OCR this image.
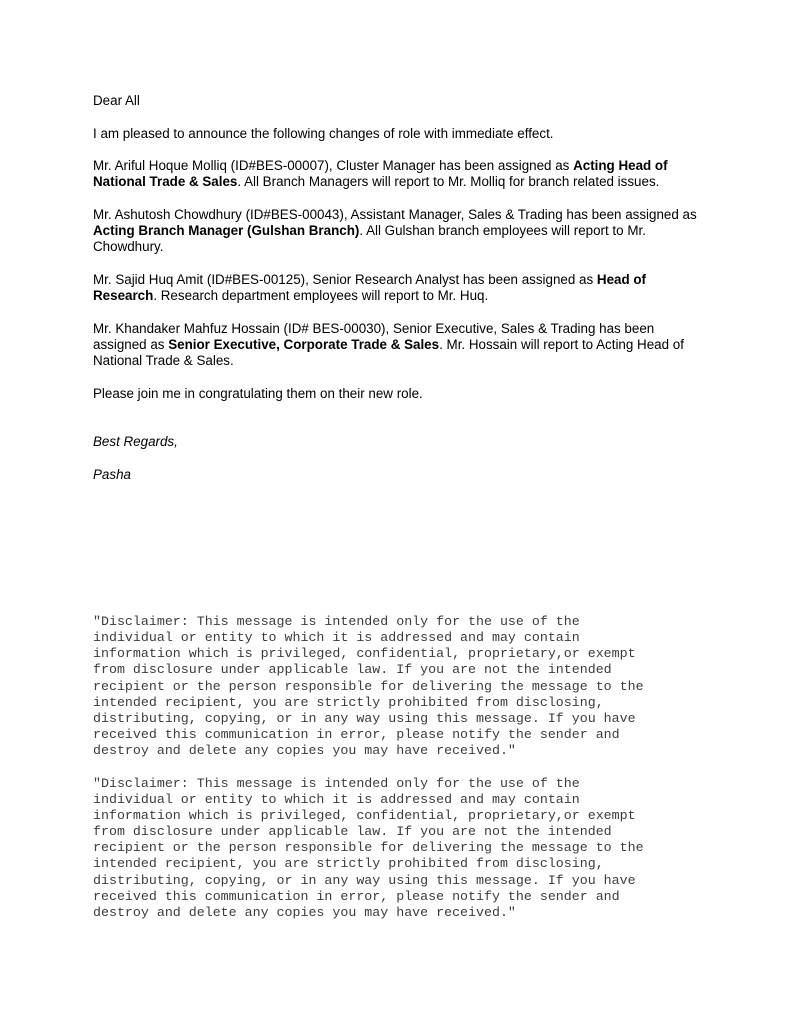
Dear All

I am pleased to announce the following changes of role with immediate effect.

Mr. Ariful Hoque Molliq (ID#BES-00007), Cluster Manager has been assigned as Acting Head of National Trade & Sales. All Branch Managers will report to Mr. Molliq for branch related issues.

Mr. Ashutosh Chowdhury (ID#BES-00043), Assistant Manager, Sales & Trading has been assigned as Acting Branch Manager (Gulshan Branch). All Gulshan branch employees will report to Mr. Chowdhury.

Mr. Sajid Huq Amit (ID#BES-00125), Senior Research Analyst has been assigned as Head of Research. Research department employees will report to Mr. Huq.

Mr. Khandaker Mahfuz Hossain (ID# BES-00030), Senior Executive, Sales & Trading has been assigned as Senior Executive, Corporate Trade & Sales. Mr. Hossain will report to Acting Head of National Trade & Sales.

Please join me in congratulating them on their new role.

Best Regards,

Pasha

"Disclaimer: This message is intended only for the use of the
individual or entity to which it is addressed and may contain
information which is privileged, confidential, proprietary,or exempt
from disclosure under applicable law. If you are not the intended
recipient or the person responsible for delivering the message to the
intended recipient, you are strictly prohibited from disclosing,
distributing, copying, or in any way using this message. If you have
received this communication in error, please notify the sender and
destroy and delete any copies you may have received."

"Disclaimer: This message is intended only for the use of the
individual or entity to which it is addressed and may contain
information which is privileged, confidential, proprietary,or exempt
from disclosure under applicable law. If you are not the intended
recipient or the person responsible for delivering the message to the
intended recipient, you are strictly prohibited from disclosing,
distributing, copying, or in any way using this message. If you have
received this communication in error, please notify the sender and
destroy and delete any copies you may have received."
